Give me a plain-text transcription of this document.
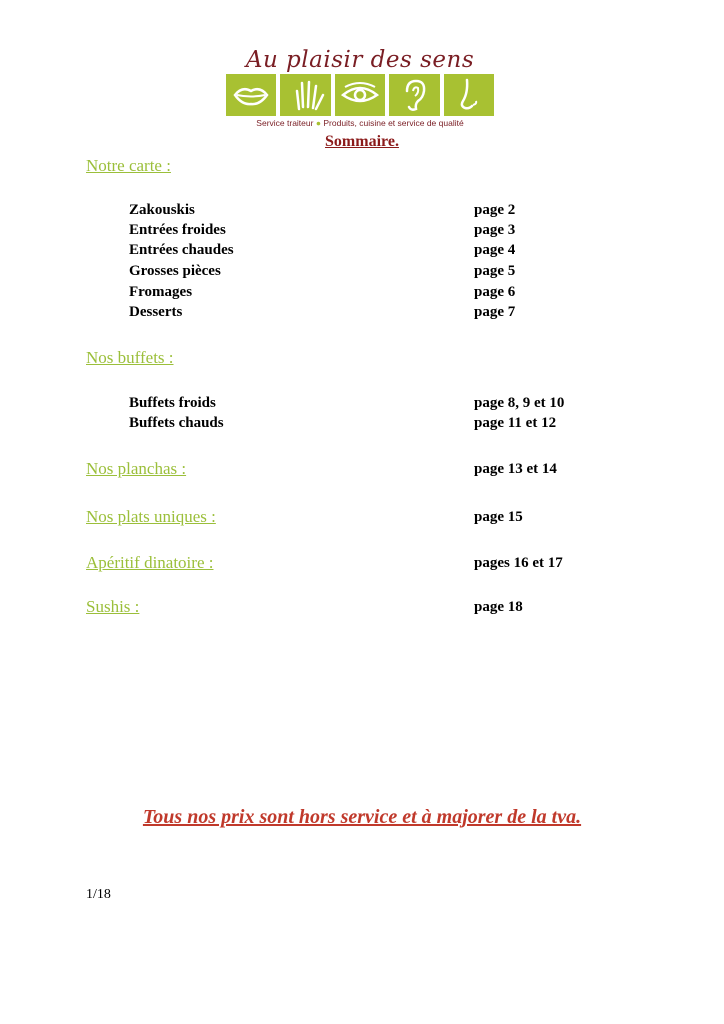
Au plaisir des sens
Service traiteur ● Produits, cuisine et service de qualité
Sommaire.
Notre carte :
Zakouskis	page 2
Entrées froides	page 3
Entrées chaudes	page 4
Grosses pièces	page 5
Fromages	page 6
Desserts	page 7
Nos buffets :
Buffets froids	page 8, 9 et 10
Buffets chauds	page 11 et 12
Nos planchas :	page 13 et 14
Nos plats uniques :	page 15
Apéritif dinatoire :	pages 16 et 17
Sushis :	page 18
Tous nos prix sont hors service et à majorer de la tva.
1/18
